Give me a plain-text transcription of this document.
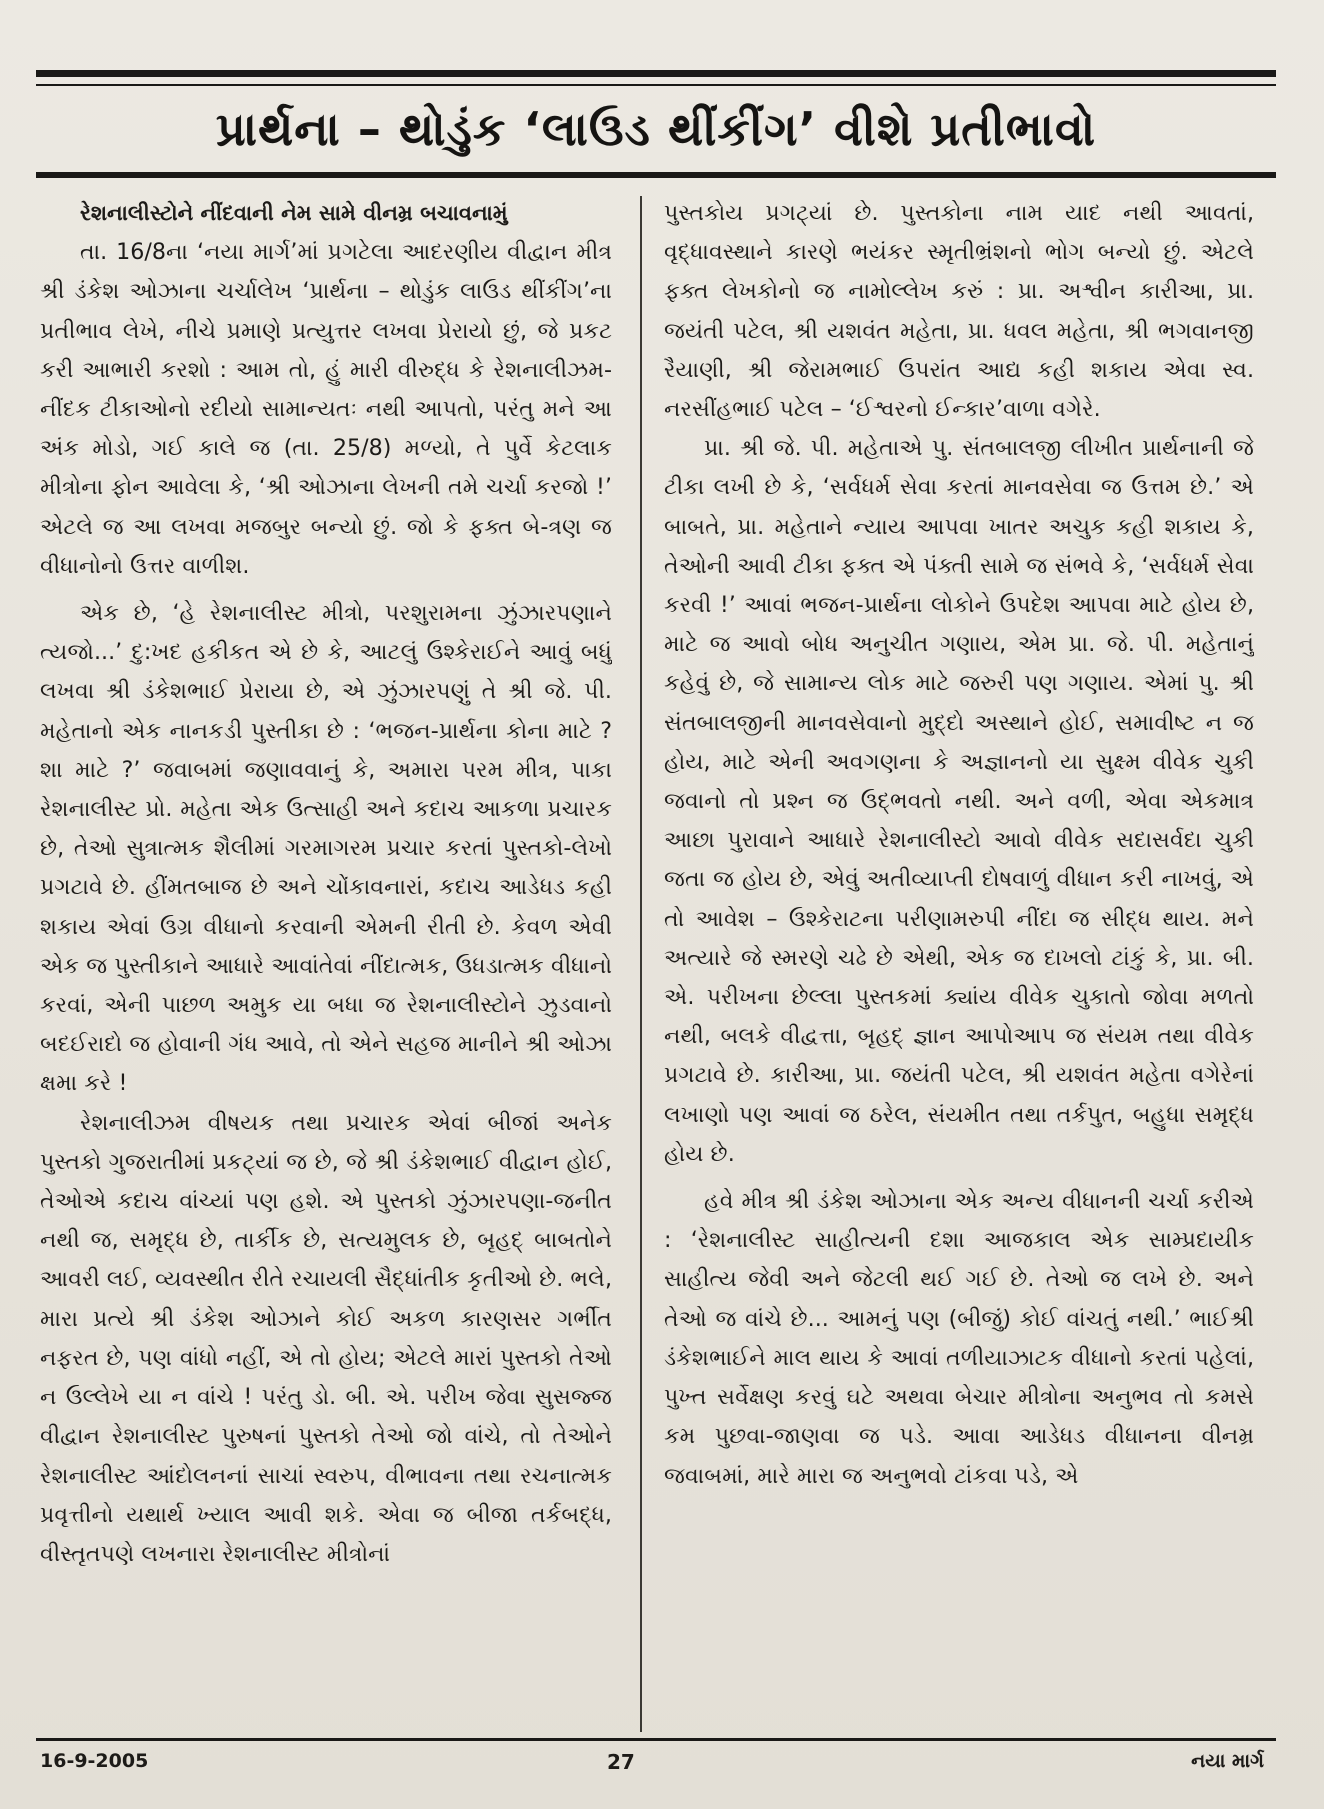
પ્રાર્થના – થોડુંક ‘લાઉડ થીંકીંગ’ વીશે પ્રતીભાવો

રેશનાલીસ્ટોને નીંદવાની નેમ સામે વીનમ્ર બચાવનામું

તા. 16/8ના ‘નયા માર્ગ’માં પ્રગટેલા આદરણીય વીદ્વાન મીત્ર શ્રી ડંકેશ ઓઝાના ચર્ચાલેખ ‘પ્રાર્થના – થોડુંક લાઉડ થીંકીંગ’ના પ્રતીભાવ લેખે, નીચે પ્રમાણે પ્રત્યુત્તર લખવા પ્રેરાયો છું, જે પ્રકટ કરી આભારી કરશો : આમ તો, હું મારી વીરુદ્ધ કે રેશનાલીઝમ-નીંદક ટીકાઓનો રદીયો સામાન્યતઃ નથી આપતો, પરંતુ મને આ અંક મોડો, ગઈ કાલે જ (તા. 25/8) મળ્યો, તે પુર્વે કેટલાક મીત્રોના ફોન આવેલા કે, ‘શ્રી ઓઝાના લેખની તમે ચર્ચા કરજો !’ એટલે જ આ લખવા મજબુર બન્યો છું. જો કે ફક્ત બે-ત્રણ જ વીધાનોનો ઉત્તર વાળીશ.

એક છે, ‘હે રેશનાલીસ્ટ મીત્રો, પરશુરામના ઝુંઝારપણાને ત્યજો...’ દુ:ખદ હકીકત એ છે કે, આટલું ઉશ્કેરાઈને આવું બધું લખવા શ્રી ડંકેશભાઈ પ્રેરાયા છે, એ ઝુંઝારપણું તે શ્રી જે. પી. મહેતાનો એક નાનકડી પુસ્તીકા છે : ‘ભજન-પ્રાર્થના કોના માટે ? શા માટે ?’ જવાબમાં જણાવવાનું કે, અમારા પરમ મીત્ર, પાકા રેશનાલીસ્ટ પ્રો. મહેતા એક ઉત્સાહી અને કદાચ આકળા પ્રચારક છે, તેઓ સુત્રાત્મક શૈલીમાં ગરમાગરમ પ્રચાર કરતાં પુસ્તકો-લેખો પ્રગટાવે છે. હીંમતબાજ છે અને ચોંકાવનારાં, કદાચ આડેધડ કહી શકાય એવાં ઉગ્ર વીધાનો કરવાની એમની રીતી છે. કેવળ એવી એક જ પુસ્તીકાને આધારે આવાંતેવાં નીંદાત્મક, ઉધડાત્મક વીધાનો કરવાં, એની પાછળ અમુક યા બધા જ રેશનાલીસ્ટોને ઝુડવાનો બદઈરાદો જ હોવાની ગંધ આવે, તો એને સહજ માનીને શ્રી ઓઝા ક્ષમા કરે !

રેશનાલીઝમ વીષયક તથા પ્રચારક એવાં બીજાં અનેક પુસ્તકો ગુજરાતીમાં પ્રકટ્યાં જ છે, જે શ્રી ડંકેશભાઈ વીદ્વાન હોઈ, તેઓએ કદાચ વાંચ્યાં પણ હશે. એ પુસ્તકો ઝુંઝારપણા-જનીત નથી જ, સમૃદ્ધ છે, તાર્કીક છે, સત્યમુલક છે, બૃહદ્ બાબતોને આવરી લઈ, વ્યવસ્થીત રીતે રચાયલી સૈદ્ધાંતીક કૃતીઓ છે. ભલે, મારા પ્રત્યે શ્રી ડંકેશ ઓઝાને કોઈ અકળ કારણસર ગર્ભીત નફરત છે, પણ વાંધો નહીં, એ તો હોય; એટલે મારાં પુસ્તકો તેઓ ન ઉલ્લેખે યા ન વાંચે ! પરંતુ ડો. બી. એ. પરીખ જેવા સુસજ્જ વીદ્વાન રેશનાલીસ્ટ પુરુષનાં પુસ્તકો તેઓ જો વાંચે, તો તેઓને રેશનાલીસ્ટ આંદોલનનાં સાચાં સ્વરુપ, વીભાવના તથા રચનાત્મક પ્રવૃત્તીનો યથાર્થ ખ્યાલ આવી શકે. એવા જ બીજા તર્કબદ્ધ, વીસ્તૃતપણે લખનારા રેશનાલીસ્ટ મીત્રોનાં

પુસ્તકોય પ્રગટ્યાં છે. પુસ્તકોના નામ યાદ નથી આવતાં, વૃદ્ધાવસ્થાને કારણે ભયંકર સ્મૃતીભ્રંશનો ભોગ બન્યો છું. એટલે ફક્ત લેખકોનો જ નામોલ્લેખ કરું : પ્રા. અશ્વીન કારીઆ, પ્રા. જયંતી પટેલ, શ્રી યશવંત મહેતા, પ્રા. ધવલ મહેતા, શ્રી ભગવાનજી રૈયાણી, શ્રી જેરામભાઈ ઉપરાંત આદ્ય કહી શકાય એવા સ્વ. નરસીંહભાઈ પટેલ – ‘ઈશ્વરનો ઈન્કાર’વાળા વગેરે.

પ્રા. શ્રી જે. પી. મહેતાએ પુ. સંતબાલજી લીખીત પ્રાર્થનાની જે ટીકા લખી છે કે, ‘સર્વધર્મ સેવા કરતાં માનવસેવા જ ઉત્તમ છે.’ એ બાબતે, પ્રા. મહેતાને ન્યાય આપવા ખાતર અચુક કહી શકાય કે, તેઓની આવી ટીકા ફક્ત એ પંક્તી સામે જ સંભવે કે, ‘સર્વધર્મ સેવા કરવી !’ આવાં ભજન-પ્રાર્થના લોકોને ઉપદેશ આપવા માટે હોય છે, માટે જ આવો બોધ અનુચીત ગણાય, એમ પ્રા. જે. પી. મહેતાનું કહેવું છે, જે સામાન્ય લોક માટે જરુરી પણ ગણાય. એમાં પુ. શ્રી સંતબાલજીની માનવસેવાનો મુદ્દો અસ્થાને હોઈ, સમાવીષ્ટ ન જ હોય, માટે એની અવગણના કે અજ્ઞાનનો યા સુક્ષ્મ વીવેક ચુકી જવાનો તો પ્રશ્ન જ ઉદ્ભવતો નથી. અને વળી, એવા એકમાત્ર આછા પુરાવાને આધારે રેશનાલીસ્ટો આવો વીવેક સદાસર્વદા ચુકી જતા જ હોય છે, એવું અતીવ્યાપ્તી દોષવાળું વીધાન કરી નાખવું, એ તો આવેશ – ઉશ્કેરાટના પરીણામરુપી નીંદા જ સીદ્ધ થાય. મને અત્યારે જે સ્મરણે ચઢે છે એથી, એક જ દાખલો ટાંકું કે, પ્રા. બી. એ. પરીખના છેલ્લા પુસ્તકમાં ક્યાંય વીવેક ચુકાતો જોવા મળતો નથી, બલકે વીદ્વત્તા, બૃહદ્ જ્ઞાન આપોઆપ જ સંયમ તથા વીવેક પ્રગટાવે છે. કારીઆ, પ્રા. જયંતી પટેલ, શ્રી યશવંત મહેતા વગેરેનાં લખાણો પણ આવાં જ ઠરેલ, સંયમીત તથા તર્કપુત, બહુધા સમૃદ્ધ હોય છે.

હવે મીત્ર શ્રી ડંકેશ ઓઝાના એક અન્ય વીધાનની ચર્ચા કરીએ : ‘રેશનાલીસ્ટ સાહીત્યની દશા આજકાલ એક સામ્પ્રદાયીક સાહીત્ય જેવી અને જેટલી થઈ ગઈ છે. તેઓ જ લખે છે. અને તેઓ જ વાંચે છે... આમનું પણ (બીજું) કોઈ વાંચતું નથી.’ ભાઈશ્રી ડંકેશભાઈને માલ થાય કે આવાં તળીયાઝાટક વીધાનો કરતાં પહેલાં, પુખ્ત સર્વેક્ષણ કરવું ઘટે અથવા બેચાર મીત્રોના અનુભવ તો કમસે કમ પુછવા-જાણવા જ પડે. આવા આડેધડ વીધાનના વીનમ્ર જવાબમાં, મારે મારા જ અનુભવો ટાંકવા પડે, એ

16-9-2005	27	નયા માર્ગ
